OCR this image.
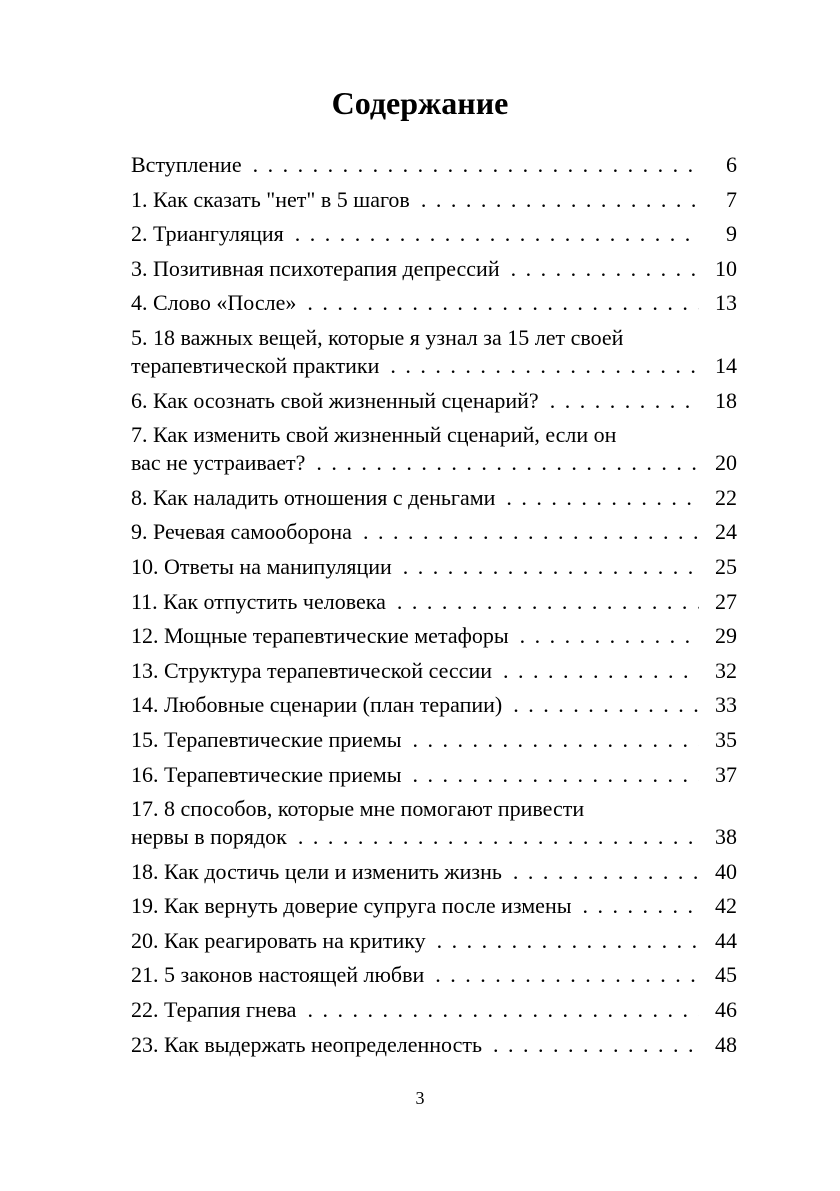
Содержание
Вступление . . .	6
1. Как сказать "нет" в 5 шагов . . .	7
2. Триангуляция . . .	9
3. Позитивная психотерапия депрессий . . .	10
4. Слово «После» . . .	13
5. 18 важных вещей, которые я узнал за 15 лет своей
терапевтической практики . . .	14
6. Как осознать свой жизненный сценарий? . . .	18
7. Как изменить свой жизненный сценарий, если он
вас не устраивает? . . .	20
8. Как наладить отношения с деньгами . . .	22
9. Речевая самооборона . . .	24
10. Ответы на манипуляции . . .	25
11. Как отпустить человека . . .	27
12. Мощные терапевтические метафоры . . .	29
13. Структура терапевтической сессии . . .	32
14. Любовные сценарии (план терапии) . . .	33
15. Терапевтические приемы . . .	35
16. Терапевтические приемы . . .	37
17. 8 способов, которые мне помогают привести
нервы в порядок . . .	38
18. Как достичь цели и изменить жизнь . . .	40
19. Как вернуть доверие супруга после измены . . .	42
20. Как реагировать на критику . . .	44
21. 5 законов настоящей любви . . .	45
22. Терапия гнева . . .	46
23. Как выдержать неопределенность . . .	48
3
